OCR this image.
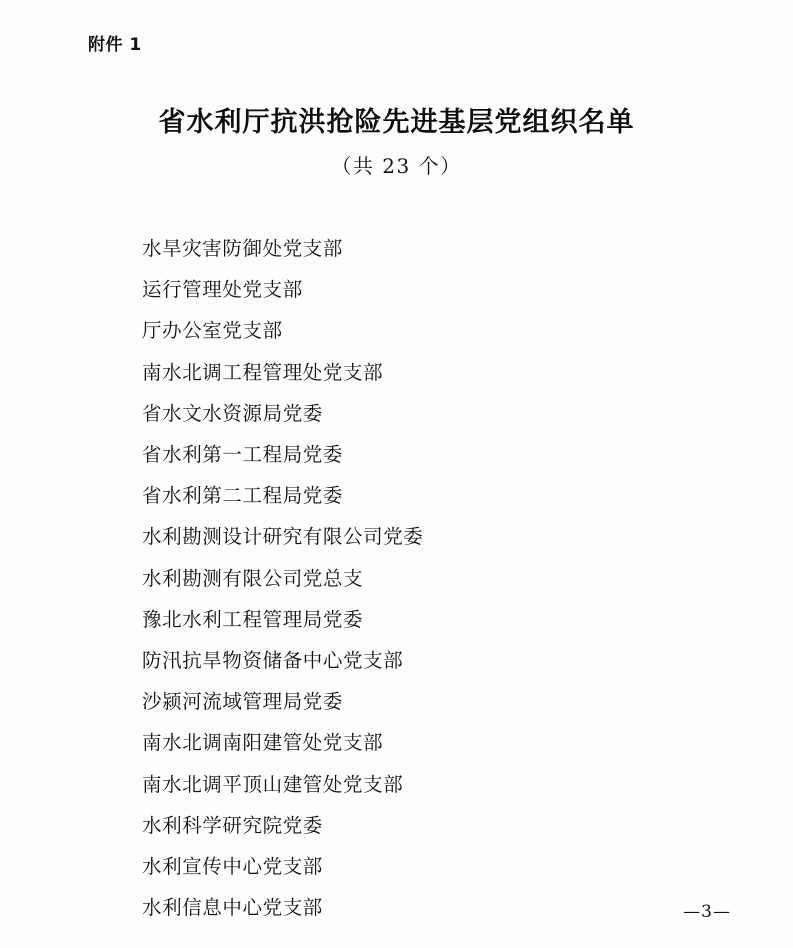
附件 1
省水利厅抗洪抢险先进基层党组织名单
（共 23 个）
水旱灾害防御处党支部
运行管理处党支部
厅办公室党支部
南水北调工程管理处党支部
省水文水资源局党委
省水利第一工程局党委
省水利第二工程局党委
水利勘测设计研究有限公司党委
水利勘测有限公司党总支
豫北水利工程管理局党委
防汛抗旱物资储备中心党支部
沙颍河流域管理局党委
南水北调南阳建管处党支部
南水北调平顶山建管处党支部
水利科学研究院党委
水利宣传中心党支部
水利信息中心党支部	—3—
